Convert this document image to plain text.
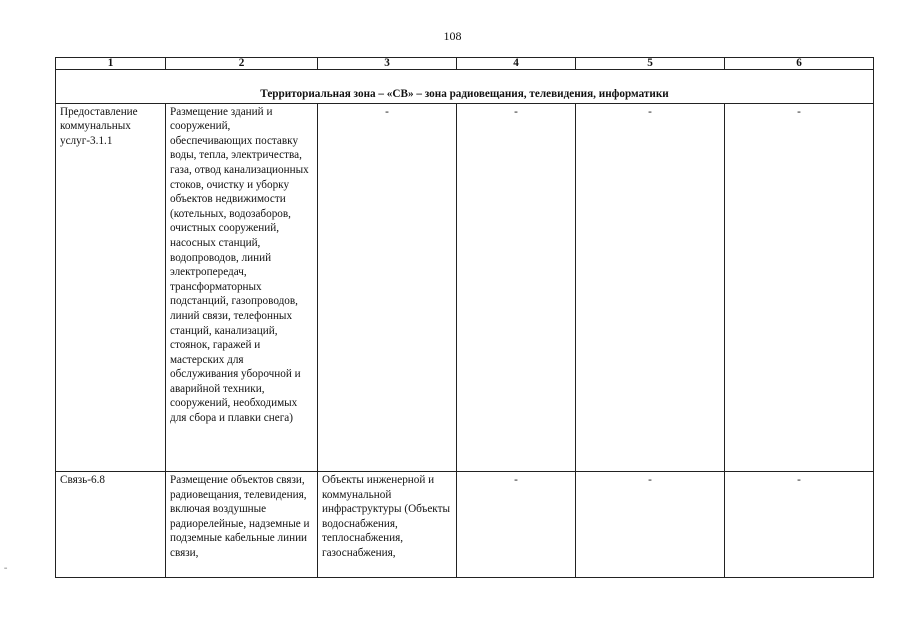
108
1	2	3	4	5	6
Территориальная зона – «СВ» – зона радиовещания, телевидения, информатики					
Предоставление коммунальных услуг-3.1.1	Размещение зданий и сооружений, обеспечивающих поставку воды, тепла, электричества, газа, отвод канализационных стоков, очистку и уборку объектов недвижимости (котельных, водозаборов, очистных сооружений, насосных станций, водопроводов, линий электропередач, трансформаторных подстанций, газопроводов, линий связи, телефонных станций, канализаций, стоянок, гаражей и мастерских для обслуживания уборочной и аварийной техники, сооружений, необходимых для сбора и плавки снега)	-	-	-	-
Связь-6.8	Размещение объектов связи, радиовещания, телевидения, включая воздушные радиорелейные, надземные и подземные кабельные линии связи,	Объекты инженерной и коммунальной инфраструктуры (Объекты водоснабжения, теплоснабжения, газоснабжения,	-	-	-
≡
